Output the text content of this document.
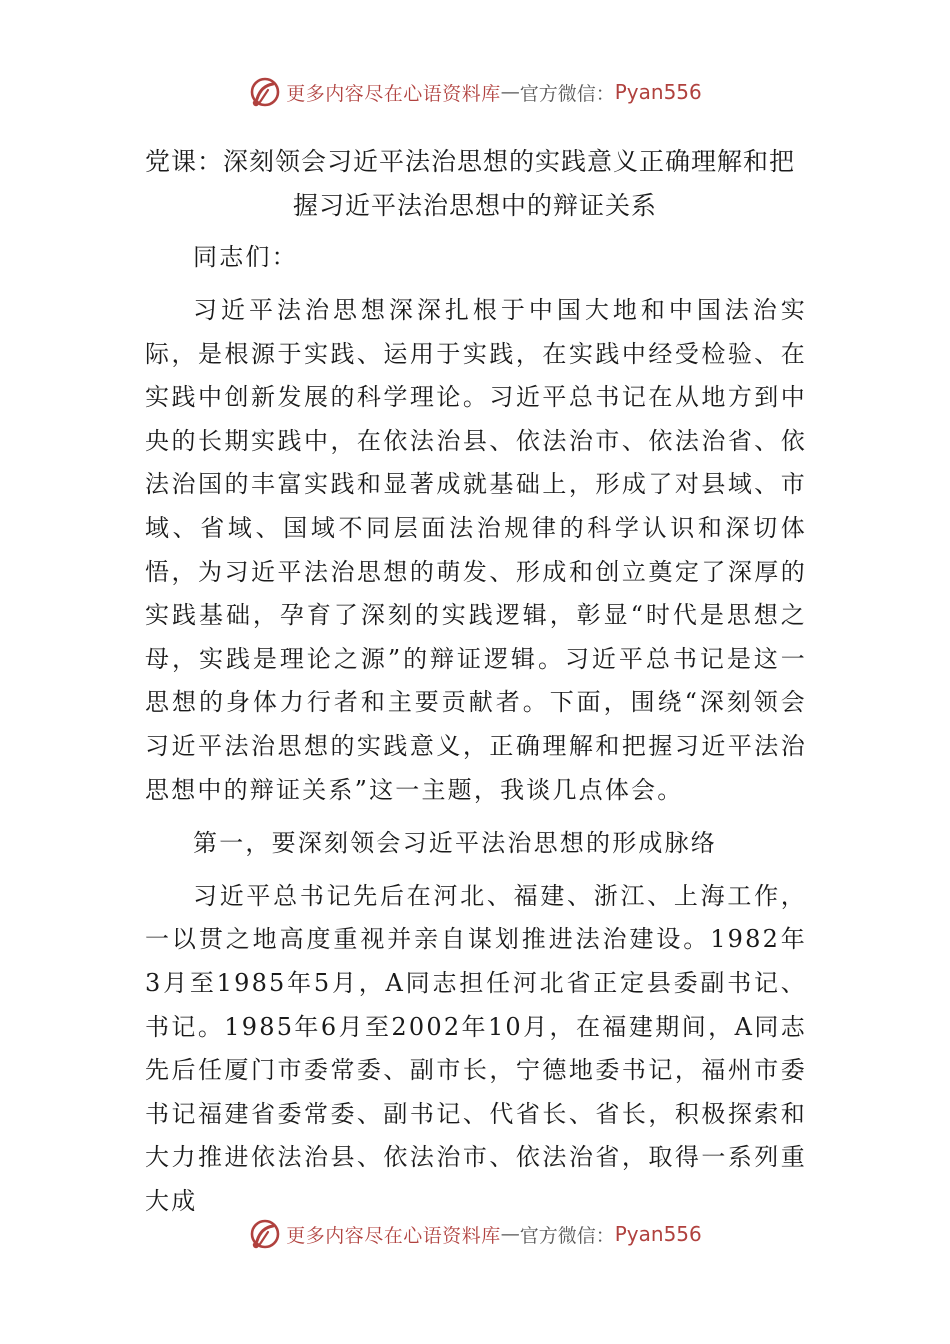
更多内容尽在心语资料库 — 官方微信： Pyan556
党课：深刻领会习近平法治思想的实践意义正确理解和把
握习近平法治思想中的辩证关系

同志们：

习近平法治思想深深扎根于中国大地和中国法治实际，是根源于实践、运用于实践，在实践中经受检验、在实践中创新发展的科学理论。习近平总书记在从地方到中央的长期实践中，在依法治县、依法治市、依法治省、依法治国的丰富实践和显著成就基础上，形成了对县域、市域、省域、国域不同层面法治规律的科学认识和深切体悟，为习近平法治思想的萌发、形成和创立奠定了深厚的实践基础，孕育了深刻的实践逻辑，彰显“时代是思想之母，实践是理论之源”的辩证逻辑。习近平总书记是这一思想的身体力行者和主要贡献者。下面，围绕“深刻领会习近平法治思想的实践意义，正确理解和把握习近平法治思想中的辩证关系”这一主题，我谈几点体会。

第一，要深刻领会习近平法治思想的形成脉络

习近平总书记先后在河北、福建、浙江、上海工作，一以贯之地高度重视并亲自谋划推进法治建设。1982年3月至1985年5月，A同志担任河北省正定县委副书记、书记。1985年6月至2002年10月，在福建期间，A同志先后任厦门市委常委、副市长，宁德地委书记，福州市委书记福建省委常委、副书记、代省长、省长，积极探索和大力推进依法治县、依法治市、依法治省，取得一系列重大成

更多内容尽在心语资料库 — 官方微信： Pyan556
